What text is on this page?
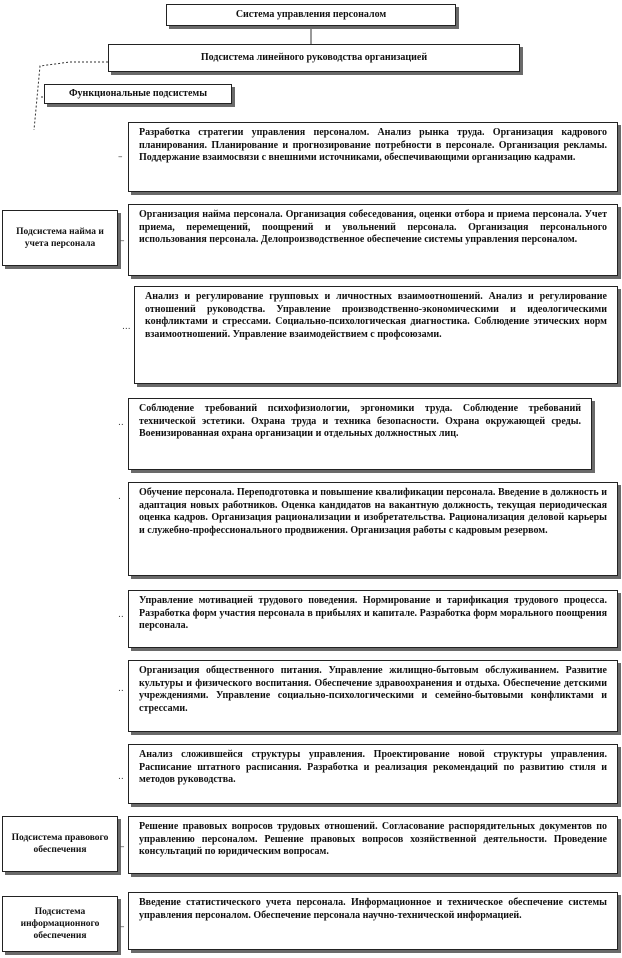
Система управления персоналом
Подсистема линейного руководства организацией
Функциональные подсистемы
Подсистема найма и учета персонала
Подсистема правового обеспечения
Подсистема информационного обеспечения
–
–
...
..
.
..
..
..
–
–
Разработка стратегии управления персоналом. Анализ рынка труда. Организация кадрового планирования. Планирование и прогнозирование потребности в персонале. Организация рекламы. Поддержание взаимосвязи с внешними источниками, обеспечивающими организацию кадрами.
Организация найма персонала. Организация собеседования, оценки отбора и приема персонала. Учет приема, перемещений, поощрений и увольнений персонала. Организация персонального использования персонала. Делопроизводственное обеспечение системы управления персоналом.
Анализ и регулирование групповых и личностных взаимоотношений. Анализ и регулирование отношений руководства. Управление производственно-экономическими и идеологическими конфликтами и стрессами. Социально-психологическая диагностика. Соблюдение этических норм взаимоотношений. Управление взаимодействием с профсоюзами.
Соблюдение требований психофизиологии, эргономики труда. Соблюдение требований технической эстетики. Охрана труда и техника безопасности. Охрана окружающей среды. Военизированная охрана организации и отдельных должностных лиц.
Обучение персонала. Переподготовка и повышение квалификации персонала. Введение в должность и адаптация новых работников. Оценка кандидатов на вакантную должность, текущая периодическая оценка кадров. Организация рационализации и изобретательства. Рационализация деловой карьеры и служебно-профессионального продвижения. Организация работы с кадровым резервом.
Управление мотивацией трудового поведения. Нормирование и тарификация трудового процесса. Разработка форм участия персонала в прибылях и капитале. Разработка форм морального поощрения персонала.
Организация общественного питания. Управление жилищно-бытовым обслуживанием. Развитие культуры и физического воспитания. Обеспечение здравоохранения и отдыха. Обеспечение детскими учреждениями. Управление социально-психологическими и семейно-бытовыми конфликтами и стрессами.
Анализ сложившейся структуры управления. Проектирование новой структуры управления. Расписание штатного расписания. Разработка и реализация рекомендаций по развитию стиля и методов руководства.
Решение правовых вопросов трудовых отношений. Согласование распорядительных документов по управлению персоналом. Решение правовых вопросов хозяйственной деятельности. Проведение консультаций по юридическим вопросам.
Введение статистического учета персонала. Информационное и техническое обеспечение системы управления персоналом. Обеспечение персонала научно-технической информацией.
